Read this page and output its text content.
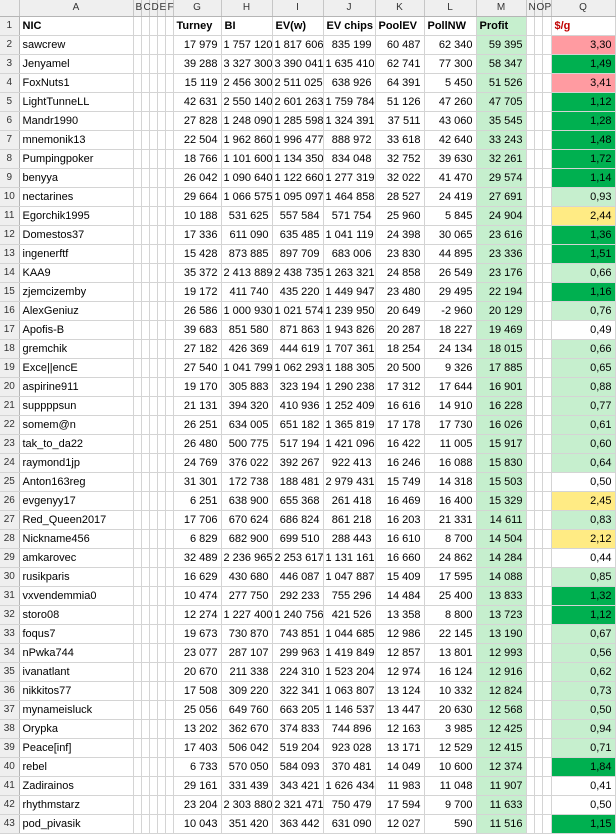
	A	B	C	D	E	F	G	H	I	J	K	L	M	N	O	P	Q
1	NIC						Turney	BI	EV(w)	EV chips	PoolEV	PollNW	Profit				$/g
2	sawcrew						17 979	1 757 120	1 817 606	835 199	60 487	62 340	59 395				3,30
3	Jenyamel						39 288	3 327 300	3 390 041	1 635 410	62 741	77 300	58 347				1,49
4	FoxNuts1						15 119	2 456 300	2 511 025	638 926	64 391	5 450	51 526				3,41
5	LightTunneLL						42 631	2 550 140	2 601 263	1 759 784	51 126	47 260	47 705				1,12
6	Mandr1990						27 828	1 248 090	1 285 598	1 324 391	37 511	43 060	35 545				1,28
7	mnemonik13						22 504	1 962 860	1 996 477	888 972	33 618	42 640	33 243				1,48
8	Pumpingpoker						18 766	1 101 600	1 134 350	834 048	32 752	39 630	32 261				1,72
9	benyya						26 042	1 090 640	1 122 660	1 277 319	32 022	41 470	29 574				1,14
10	nectarines						29 664	1 066 575	1 095 097	1 464 858	28 527	24 419	27 691				0,93
11	Egorchik1995						10 188	531 625	557 584	571 754	25 960	5 845	24 904				2,44
12	Domestos37						17 336	611 090	635 485	1 041 119	24 398	30 065	23 616				1,36
13	ingenerftf						15 428	873 885	897 709	683 006	23 830	44 895	23 336				1,51
14	KAA9						35 372	2 413 889	2 438 735	1 263 321	24 858	26 549	23 176				0,66
15	zjemcizemby						19 172	411 740	435 220	1 449 947	23 480	29 495	22 194				1,16
16	AlexGeniuz						26 586	1 000 930	1 021 574	1 239 950	20 649	-2 960	20 129				0,76
17	Apofis-B						39 683	851 580	871 863	1 943 826	20 287	18 227	19 469				0,49
18	gremchik						27 182	426 369	444 619	1 707 361	18 254	24 134	18 015				0,66
19	Exce||encE						27 540	1 041 799	1 062 293	1 188 305	20 500	9 326	17 885				0,65
20	aspirine911						19 170	305 883	323 194	1 290 238	17 312	17 644	16 901				0,88
21	suppppsun						21 131	394 320	410 936	1 252 409	16 616	14 910	16 228				0,77
22	somem@n						26 251	634 005	651 182	1 365 819	17 178	17 730	16 026				0,61
23	tak_to_da22						26 480	500 775	517 194	1 421 096	16 422	11 005	15 917				0,60
24	raymond1jp						24 769	376 022	392 267	922 413	16 246	16 088	15 830				0,64
25	Anton163reg						31 301	172 738	188 481	2 979 431	15 749	14 318	15 503				0,50
26	evgenyy17						6 251	638 900	655 368	261 418	16 469	16 400	15 329				2,45
27	Red_Queen2017						17 706	670 624	686 824	861 218	16 203	21 331	14 611				0,83
28	Nickname456						6 829	682 900	699 510	288 443	16 610	8 700	14 504				2,12
29	amkarovec						32 489	2 236 965	2 253 617	1 131 161	16 660	24 862	14 284				0,44
30	rusikparis						16 629	430 680	446 087	1 047 887	15 409	17 595	14 088				0,85
31	vxvendemmia0						10 474	277 750	292 233	755 296	14 484	25 400	13 833				1,32
32	storo08						12 274	1 227 400	1 240 756	421 526	13 358	8 800	13 723				1,12
33	foqus7						19 673	730 870	743 851	1 044 685	12 986	22 145	13 190				0,67
34	nPwka744						23 077	287 107	299 963	1 419 849	12 857	13 801	12 993				0,56
35	ivanatlant						20 670	211 338	224 310	1 523 204	12 974	16 124	12 916				0,62
36	nikkitos77						17 508	309 220	322 341	1 063 807	13 124	10 332	12 824				0,73
37	mynameisluck						25 056	649 760	663 205	1 146 537	13 447	20 630	12 568				0,50
38	Orypka						13 202	362 670	374 833	744 896	12 163	3 985	12 425				0,94
39	Peace[inf]						17 403	506 042	519 204	923 028	13 171	12 529	12 415				0,71
40	rebel						6 733	570 050	584 093	370 481	14 049	10 600	12 374				1,84
41	Zadirainos						29 161	331 439	343 421	1 626 434	11 983	11 048	11 907				0,41
42	rhythmstarz						23 204	2 303 880	2 321 471	750 479	17 594	9 700	11 633				0,50
43	pod_pivasik						10 043	351 420	363 442	631 090	12 027	590	11 516				1,15
